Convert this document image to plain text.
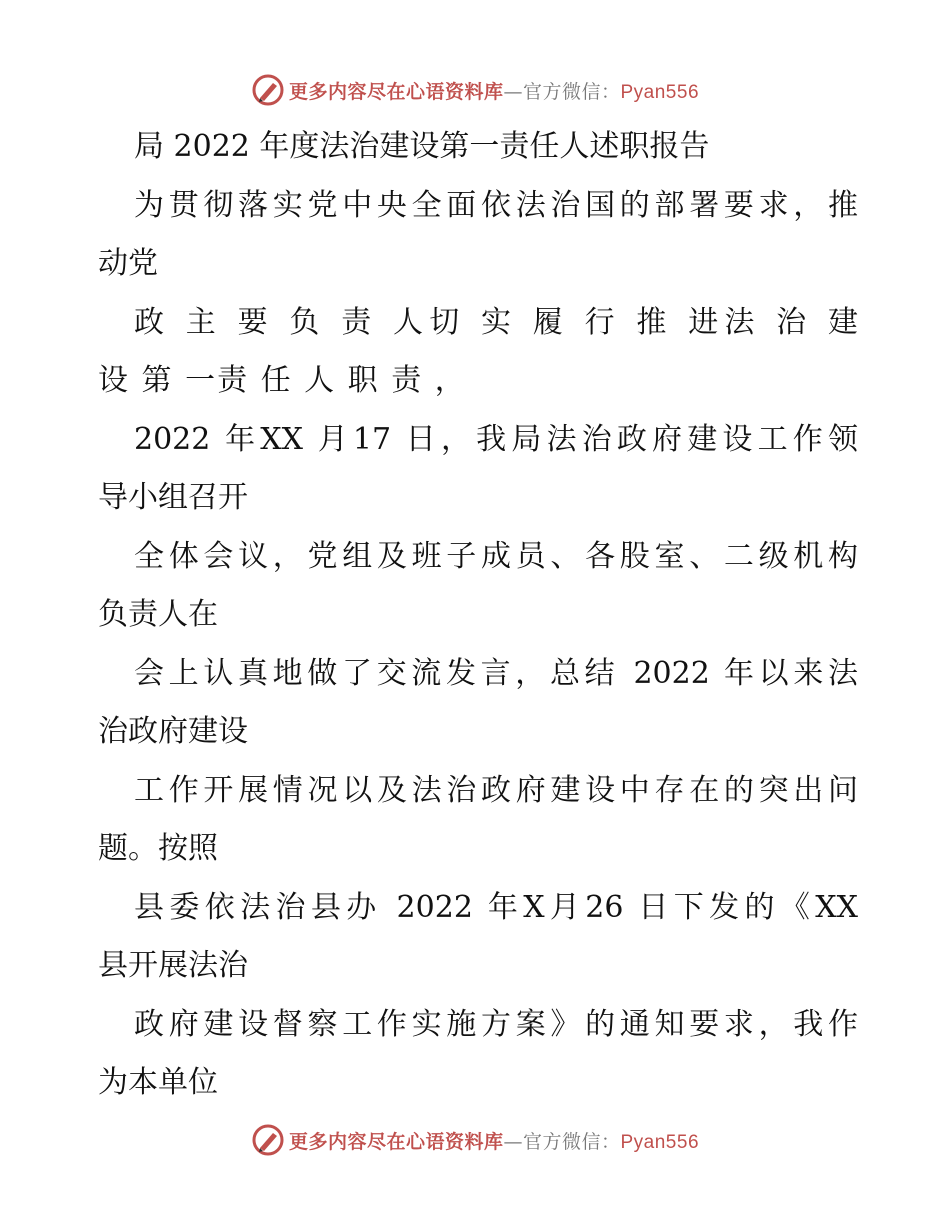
更多内容尽在心语资料库—官方微信：Pyan556
局 2022 年度法治建设第一责任人述职报告
为贯彻落实党中央全面依法治国的部署要求，推
动党
政 主 要 负 责 人切 实 履 行 推 进法 治 建
设 第 一责 任 人 职 责 ，
2022 年XX 月17 日，我局法治政府建设工作领
导小组召开
全体会议，党组及班子成员、各股室、二级机构
负责人在
会上认真地做了交流发言，总结 2022 年以来法
治政府建设
工作开展情况以及法治政府建设中存在的突出问
题。按照
县委依法治县办 2022 年X月26 日下发的《XX
县开展法治
政府建设督察工作实施方案》的通知要求，我作
为本单位
更多内容尽在心语资料库—官方微信：Pyan556
